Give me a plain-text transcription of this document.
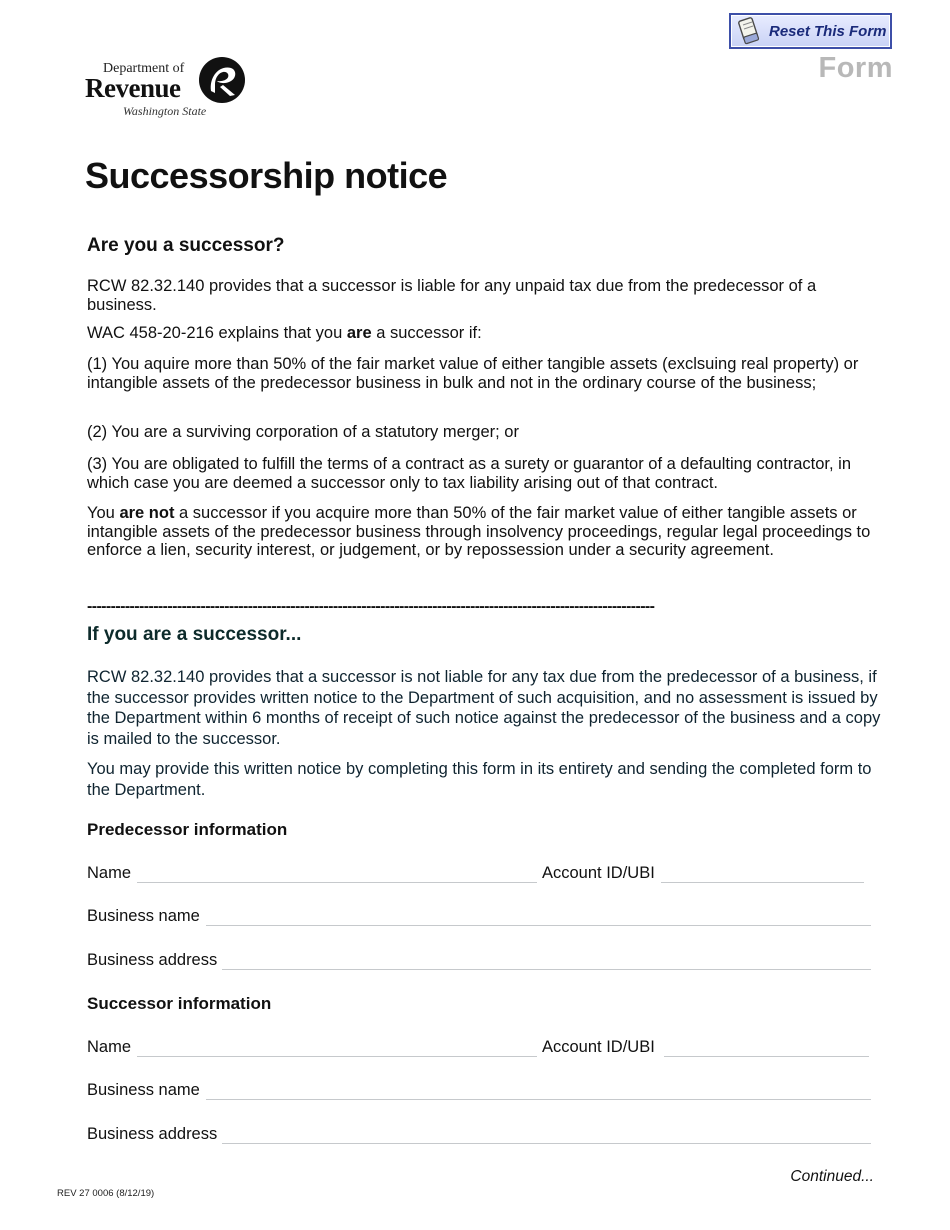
Reset This Form
Form
Department of
Revenue
Washington State
Successorship notice
Are you a successor?

RCW 82.32.140 provides that a successor is liable for any unpaid tax due from the predecessor of a business.

WAC 458-20-216 explains that you are a successor if:

(1) You aquire more than 50% of the fair market value of either tangible assets (exclsuing real property) or intangible assets of the predecessor business in bulk and not in the ordinary course of the business;

(2) You are a surviving corporation of a statutory merger; or

(3) You are obligated to fulfill the terms of a contract as a surety or guarantor of a defaulting contractor, in which case you are deemed a successor only to tax liability arising out of that contract.

You are not a successor if you acquire more than 50% of the fair market value of either tangible assets or intangible assets of the predecessor business through insolvency proceedings, regular legal proceedings to enforce a lien, security interest, or judgement, or by repossession under a security agreement.

------------------------------------------------------------------------------------------------------------------------
If you are a successor...

RCW 82.32.140 provides that a successor is not liable for any tax due from the predecessor of a business, if the successor provides written notice to the Department of such acquisition, and no assessment is issued by the Department within 6 months of receipt of such notice against the predecessor of the business and a copy is mailed to the successor.

You may provide this written notice by completing this form in its entirety and sending the completed form to the Department.

Predecessor information
Name	Account ID/UBI
Business name
Business address
Successor information
Name	Account ID/UBI
Business name
Business address
Continued...
REV 27 0006 (8/12/19)
